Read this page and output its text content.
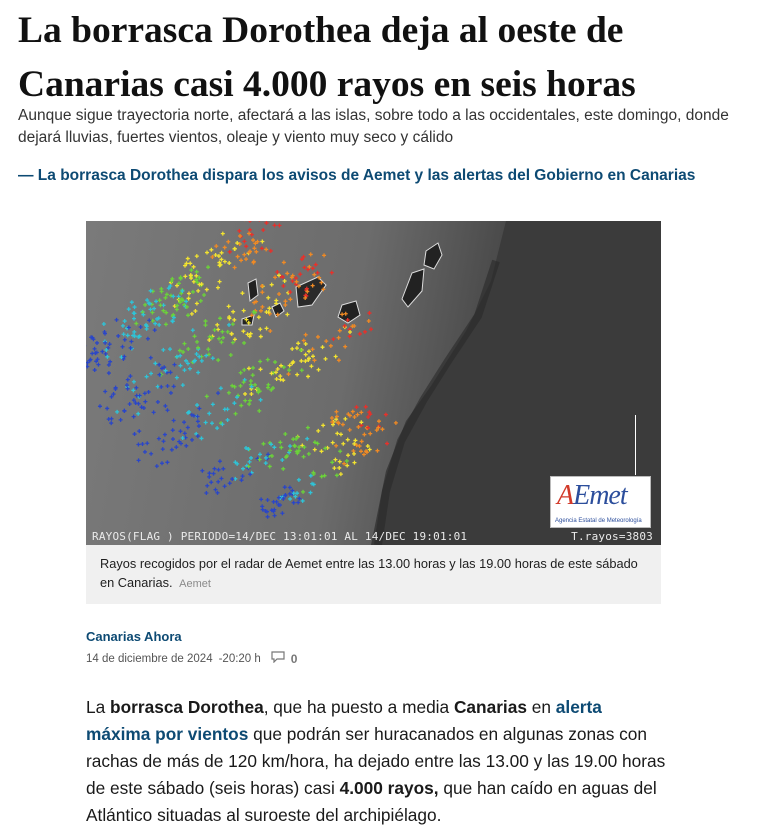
La borrasca Dorothea deja al oeste de Canarias casi 4.000 rayos en seis horas

Aunque sigue trayectoria norte, afectará a las islas, sobre todo a las occidentales, este domingo, donde dejará lluvias, fuertes vientos, oleaje y viento muy seco y cálido

— La borrasca Dorothea dispara los avisos de Aemet y las alertas del Gobierno en Canarias
AEmet
Agencia Estatal de Meteorología
RAYOS(FLAG ) PERIODO=14/DEC 13:01:01 AL 14/DEC 19:01:01	T.rayos=3803
Rayos recogidos por el radar de Aemet entre las 13.00 horas y las 19.00 horas de este sábado en Canarias. Aemet
Canarias Ahora
14 de diciembre de 2024 -20:20 h	0

La borrasca Dorothea, que ha puesto a media Canarias en alerta máxima por vientos que podrán ser huracanados en algunas zonas con rachas de más de 120 km/hora, ha dejado entre las 13.00 y las 19.00 horas de este sábado (seis horas) casi 4.000 rayos, que han caído en aguas del Atlántico situadas al suroeste del archipiélago.
